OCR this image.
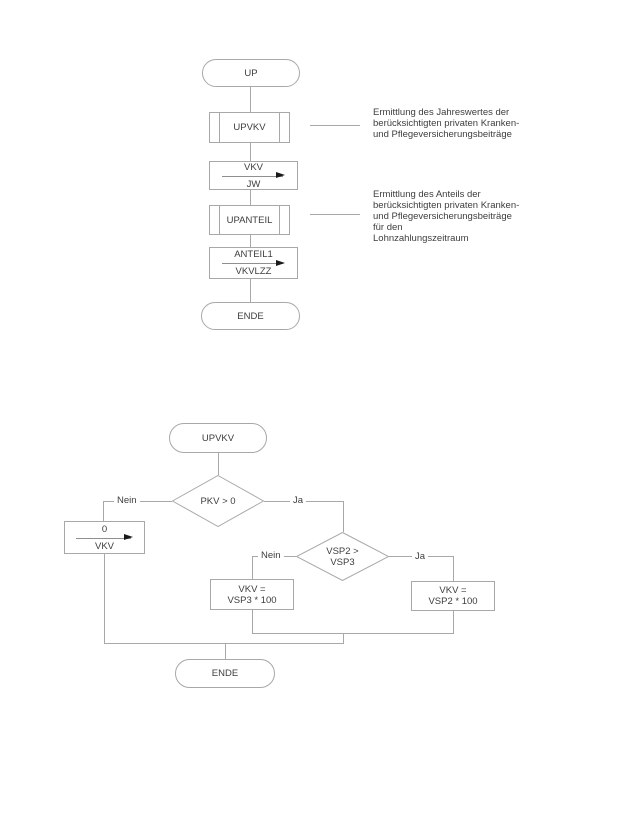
UP
UPVKV
VKV
JW
UPANTEIL
ANTEIL1
VKVLZZ
ENDE
Ermittlung des Jahreswertes der
berücksichtigten privaten Kranken-
und Pflegeversicherungsbeiträge
Ermittlung des Anteils der
berücksichtigten privaten Kranken-
und Pflegeversicherungsbeiträge
für den
Lohnzahlungszeitraum
UPVKV
PKV > 0
Nein	Ja
0
VKV	VSP2 >
VSP3
Nein	Ja
VKV =
VSP3 * 100
VKV =
VSP2 * 100
ENDE
